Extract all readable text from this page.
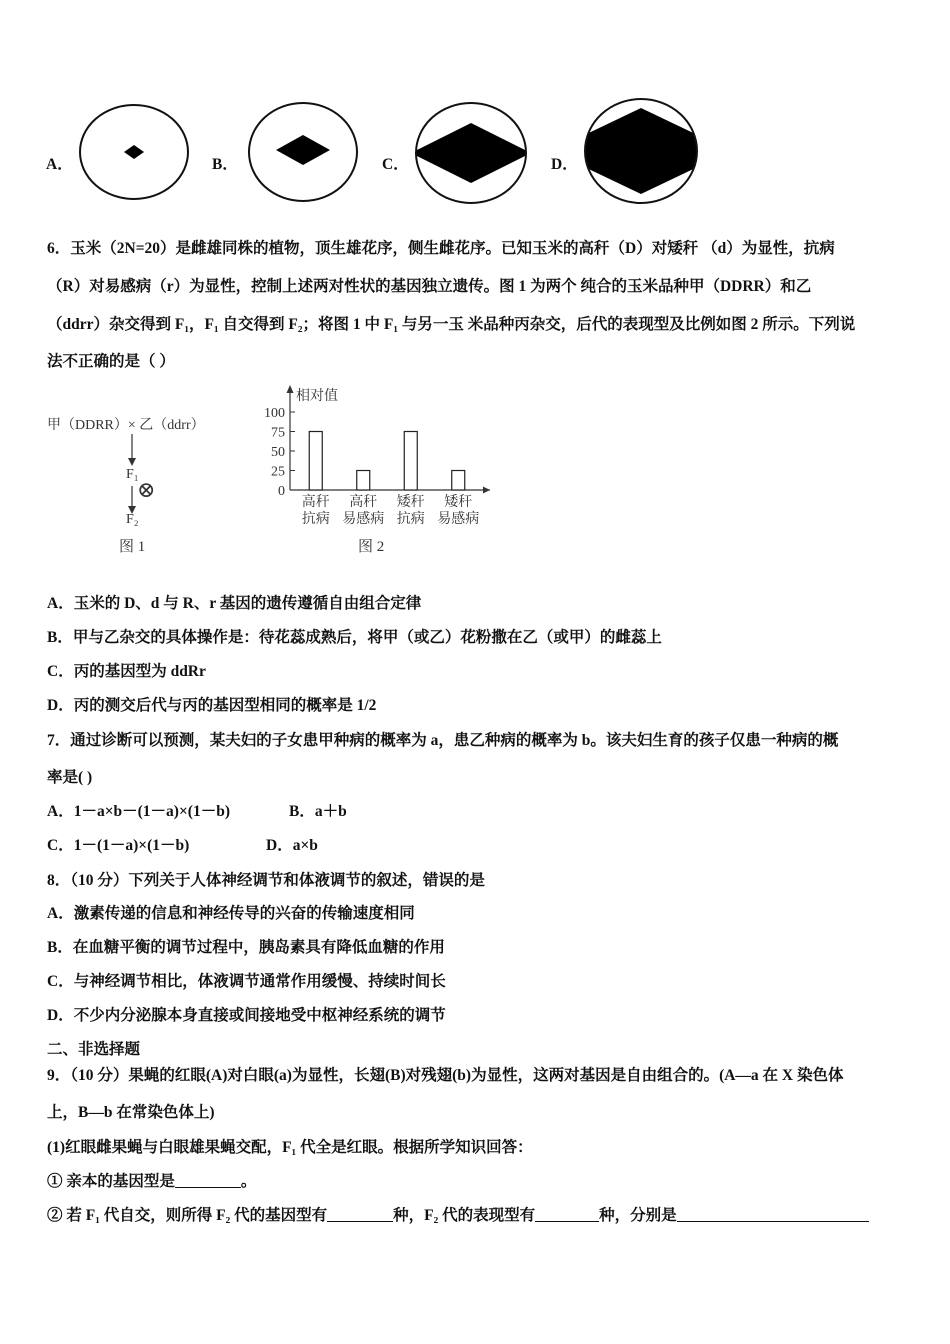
A．	B．	C．	D．
6．玉米（2N=20）是雌雄同株的植物，顶生雄花序，侧生雌花序。已知玉米的高秆（D）对矮秆 （d）为显性，抗病
（R）对易感病（r）为显性，控制上述两对性状的基因独立遗传。图 1 为两个 纯合的玉米品种甲（DDRR）和乙
（ddrr）杂交得到 F₁，F₁ 自交得到 F₂；将图 1 中 F₁ 与另一玉 米品种丙杂交，后代的表现型及比例如图 2 所示。下列说
法不正确的是（ ）
甲（DDRR）× 乙（ddrr）
F₁
⊗
F₂
图 1
相对值
100
75
50
25
0
高秆
抗病
高秆
易感病
矮秆
抗病
矮秆
易感病
图 2
A．玉米的 D、d 与 R、r 基因的遗传遵循自由组合定律
B．甲与乙杂交的具体操作是：待花蕊成熟后，将甲（或乙）花粉撒在乙（或甲）的雌蕊上
C．丙的基因型为 ddRr
D．丙的测交后代与丙的基因型相同的概率是 1/2
7．通过诊断可以预测，某夫妇的子女患甲种病的概率为 a，患乙种病的概率为 b。该夫妇生育的孩子仅患一种病的概
率是( )
A．1－a×b－(1－a)×(1－b)	B．a＋b
C．1－(1－a)×(1－b)	D．a×b
8．（10 分）下列关于人体神经调节和体液调节的叙述，错误的是
A．激素传递的信息和神经传导的兴奋的传输速度相同
B．在血糖平衡的调节过程中，胰岛素具有降低血糖的作用
C．与神经调节相比，体液调节通常作用缓慢、持续时间长
D．不少内分泌腺本身直接或间接地受中枢神经系统的调节
二、非选择题
9．（10 分）果蝇的红眼(A)对白眼(a)为显性，长翅(B)对残翅(b)为显性，这两对基因是自由组合的。(A—a 在 X 染色体
上，B—b 在常染色体上)
(1)红眼雌果蝇与白眼雄果蝇交配，F₁ 代全是红眼。根据所学知识回答：
① 亲本的基因型是	。
② 若 F₁ 代自交，则所得 F₂ 代的基因型有	种，F₂ 代的表现型有	种，分别是
